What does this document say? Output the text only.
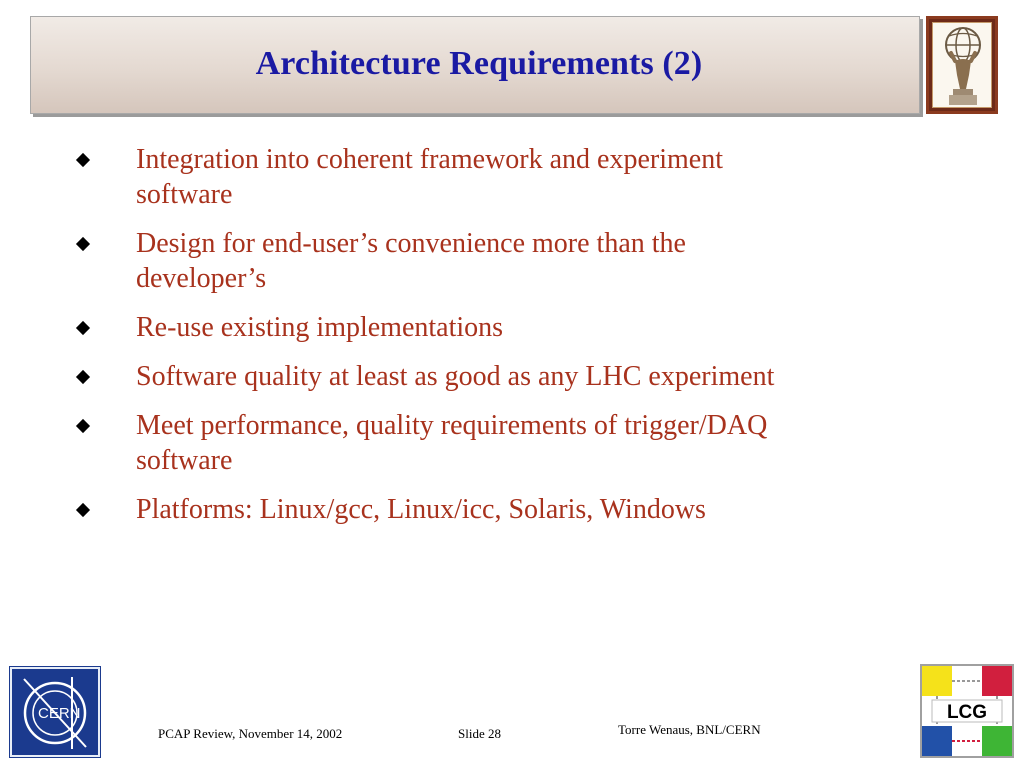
Architecture Requirements (2)
Integration into coherent framework and experiment
software
Design for end-user’s convenience more than the
developer’s
Re-use existing implementations
Software quality at least as good as any LHC experiment
Meet performance, quality requirements of trigger/DAQ
software
Platforms: Linux/gcc, Linux/icc, Solaris, Windows
CERN	LCG
PCAP Review, November 14, 2002	Slide 28	Torre Wenaus, BNL/CERN
